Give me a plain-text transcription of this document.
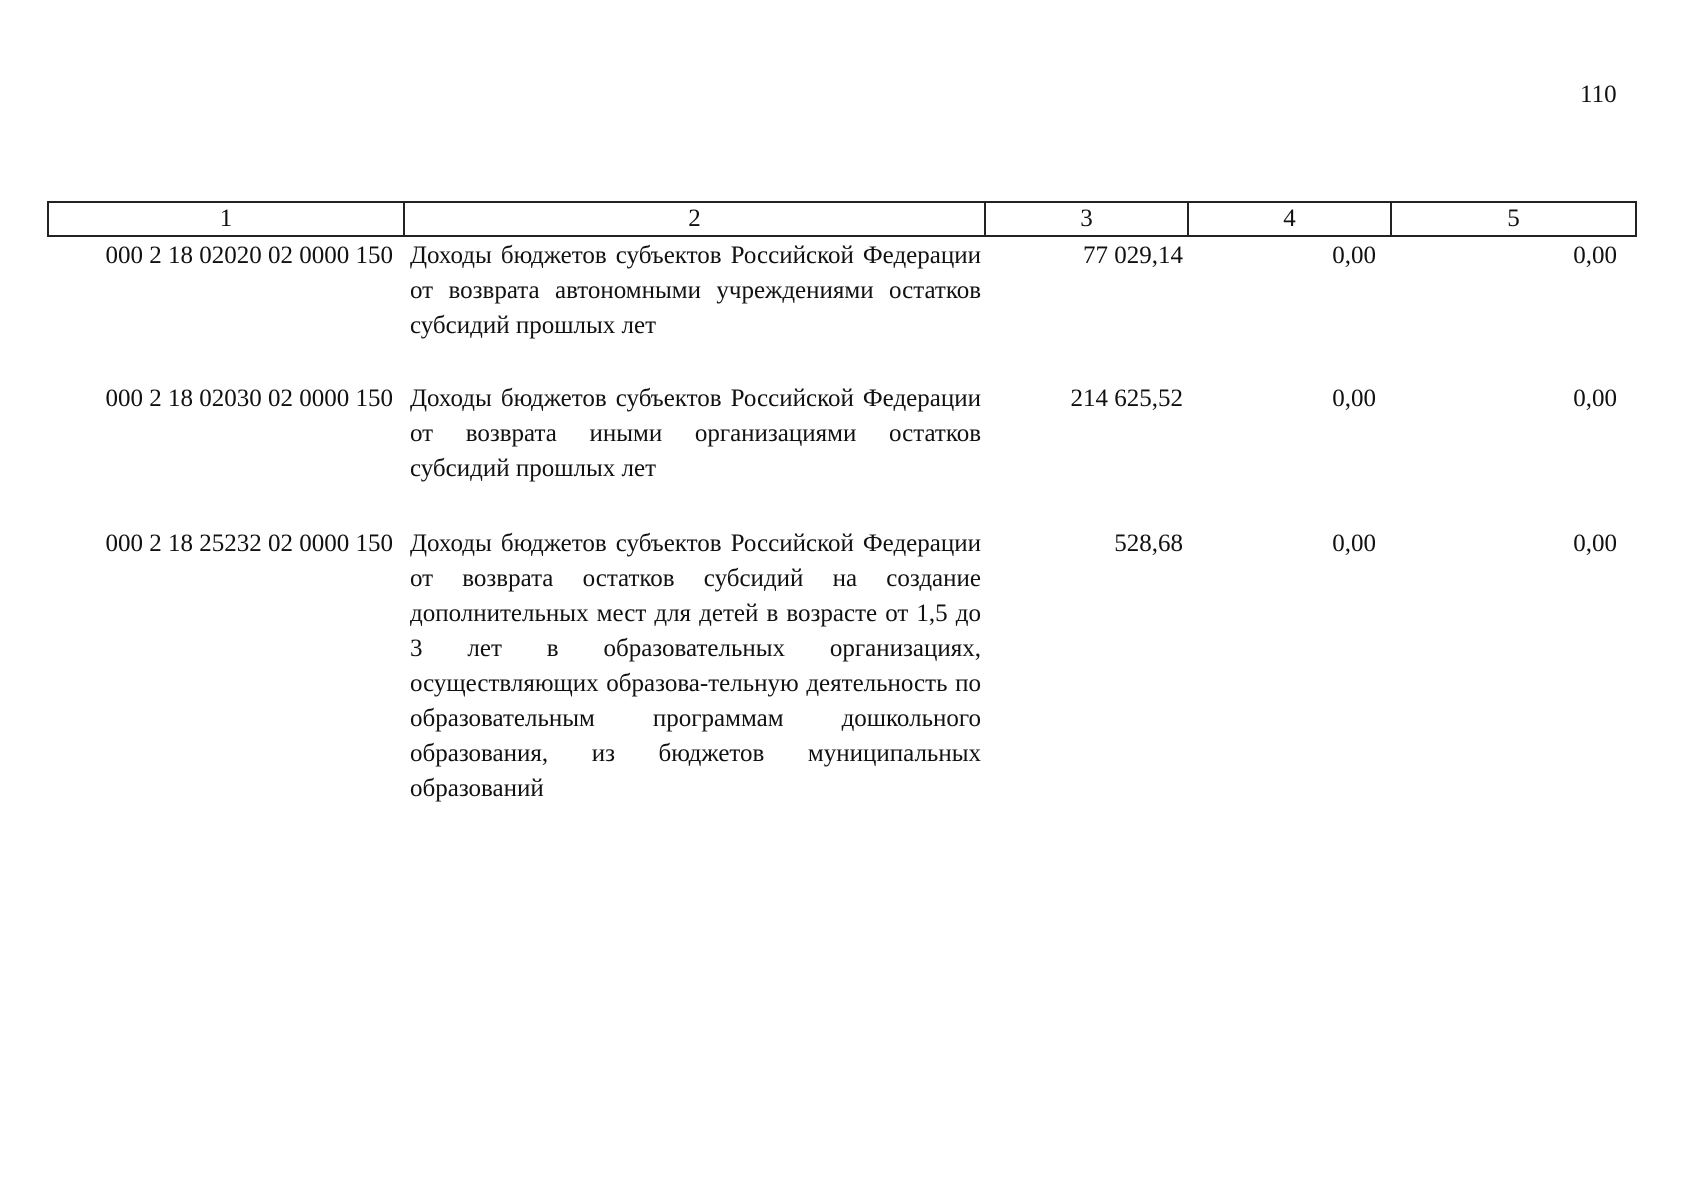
110
1	2	3	4	5
000 2 18 02020 02 0000 150	Доходы бюджетов субъектов Российской Федерации от возврата автономными учреждениями остатков субсидий прошлых лет	77 029,14	0,00	0,00
000 2 18 02030 02 0000 150	Доходы бюджетов субъектов Российской Федерации от возврата иными организациями остатков субсидий прошлых лет	214 625,52	0,00	0,00
000 2 18 25232 02 0000 150	Доходы бюджетов субъектов Российской Федерации от возврата остатков субсидий на создание дополнительных мест для детей в возрасте от 1,5 до 3 лет в образовательных организациях, осуществляющих образова-тельную деятельность по образовательным программам дошкольного образования, из бюджетов муниципальных образований	528,68	0,00	0,00
